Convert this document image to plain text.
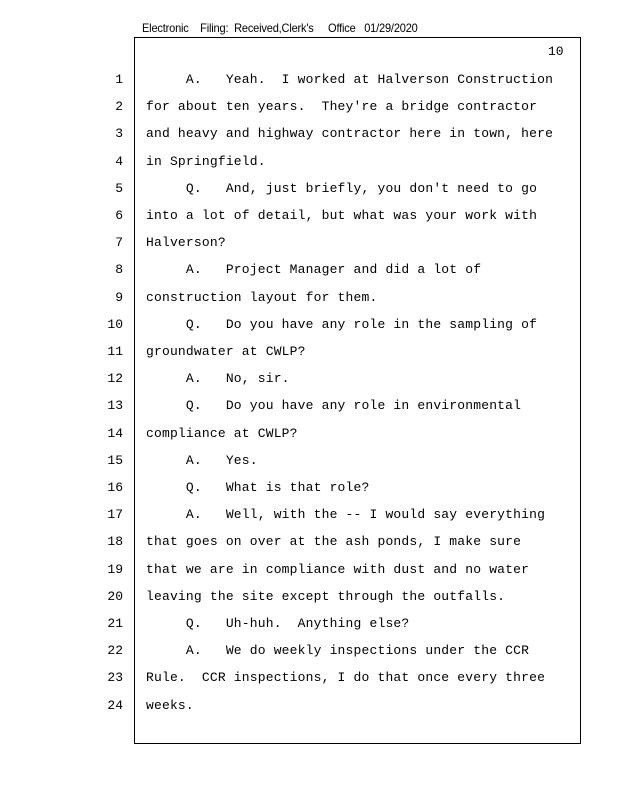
Electronic    Filing:  Received,Clerk's     Office   01/29/2020
10
1 A.   Yeah.  I worked at Halverson Construction
2 for about ten years.  They're a bridge contractor
3 and heavy and highway contractor here in town, here
4 in Springfield.
5 Q.   And, just briefly, you don't need to go
6 into a lot of detail, but what was your work with
7 Halverson?
8 A.   Project Manager and did a lot of
9 construction layout for them.
10 Q.   Do you have any role in the sampling of
11 groundwater at CWLP?
12 A.   No, sir.
13 Q.   Do you have any role in environmental
14 compliance at CWLP?
15 A.   Yes.
16 Q.   What is that role?
17 A.   Well, with the -- I would say everything
18 that goes on over at the ash ponds, I make sure
19 that we are in compliance with dust and no water
20 leaving the site except through the outfalls.
21 Q.   Uh-huh.  Anything else?
22 A.   We do weekly inspections under the CCR
23 Rule.  CCR inspections, I do that once every three
24 weeks.
